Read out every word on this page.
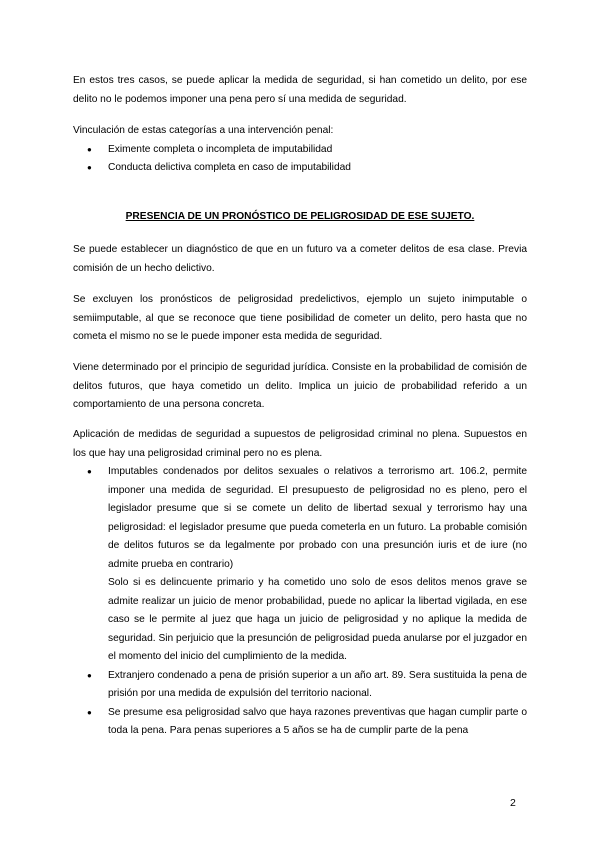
En estos tres casos, se puede aplicar la medida de seguridad, si han cometido un delito, por ese delito no le podemos imponer una pena pero sí una medida de seguridad.

Vinculación de estas categorías a una intervención penal:

● Eximente completa o incompleta de imputabilidad
● Conducta delictiva completa en caso de imputabilidad
PRESENCIA DE UN PRONÓSTICO DE PELIGROSIDAD DE ESE SUJETO.

Se puede establecer un diagnóstico de que en un futuro va a cometer delitos de esa clase. Previa comisión de un hecho delictivo.

Se excluyen los pronósticos de peligrosidad predelictivos, ejemplo un sujeto inimputable o semiimputable, al que se reconoce que tiene posibilidad de cometer un delito, pero hasta que no cometa el mismo no se le puede imponer esta medida de seguridad.

Viene determinado por el principio de seguridad jurídica. Consiste en la probabilidad de comisión de delitos futuros, que haya cometido un delito. Implica un juicio de probabilidad referido a un comportamiento de una persona concreta.

Aplicación de medidas de seguridad a supuestos de peligrosidad criminal no plena. Supuestos en los que hay una peligrosidad criminal pero no es plena.

● Imputables condenados por delitos sexuales o relativos a terrorismo art. 106.2, permite imponer una medida de seguridad. El presupuesto de peligrosidad no es pleno, pero el legislador presume que si se comete un delito de libertad sexual y terrorismo hay una peligrosidad: el legislador presume que pueda cometerla en un futuro. La probable comisión de delitos futuros se da legalmente por probado con una presunción iuris et de iure (no admite prueba en contrario)
Solo si es delincuente primario y ha cometido uno solo de esos delitos menos grave se admite realizar un juicio de menor probabilidad, puede no aplicar la libertad vigilada, en ese caso se le permite al juez que haga un juicio de peligrosidad y no aplique la medida de seguridad. Sin perjuicio que la presunción de peligrosidad pueda anularse por el juzgador en el momento del inicio del cumplimiento de la medida.
● Extranjero condenado a pena de prisión superior a un año art. 89. Sera sustituida la pena de prisión por una medida de expulsión del territorio nacional.
● Se presume esa peligrosidad salvo que haya razones preventivas que hagan cumplir parte o toda la pena. Para penas superiores a 5 años se ha de cumplir parte de la pena
2
